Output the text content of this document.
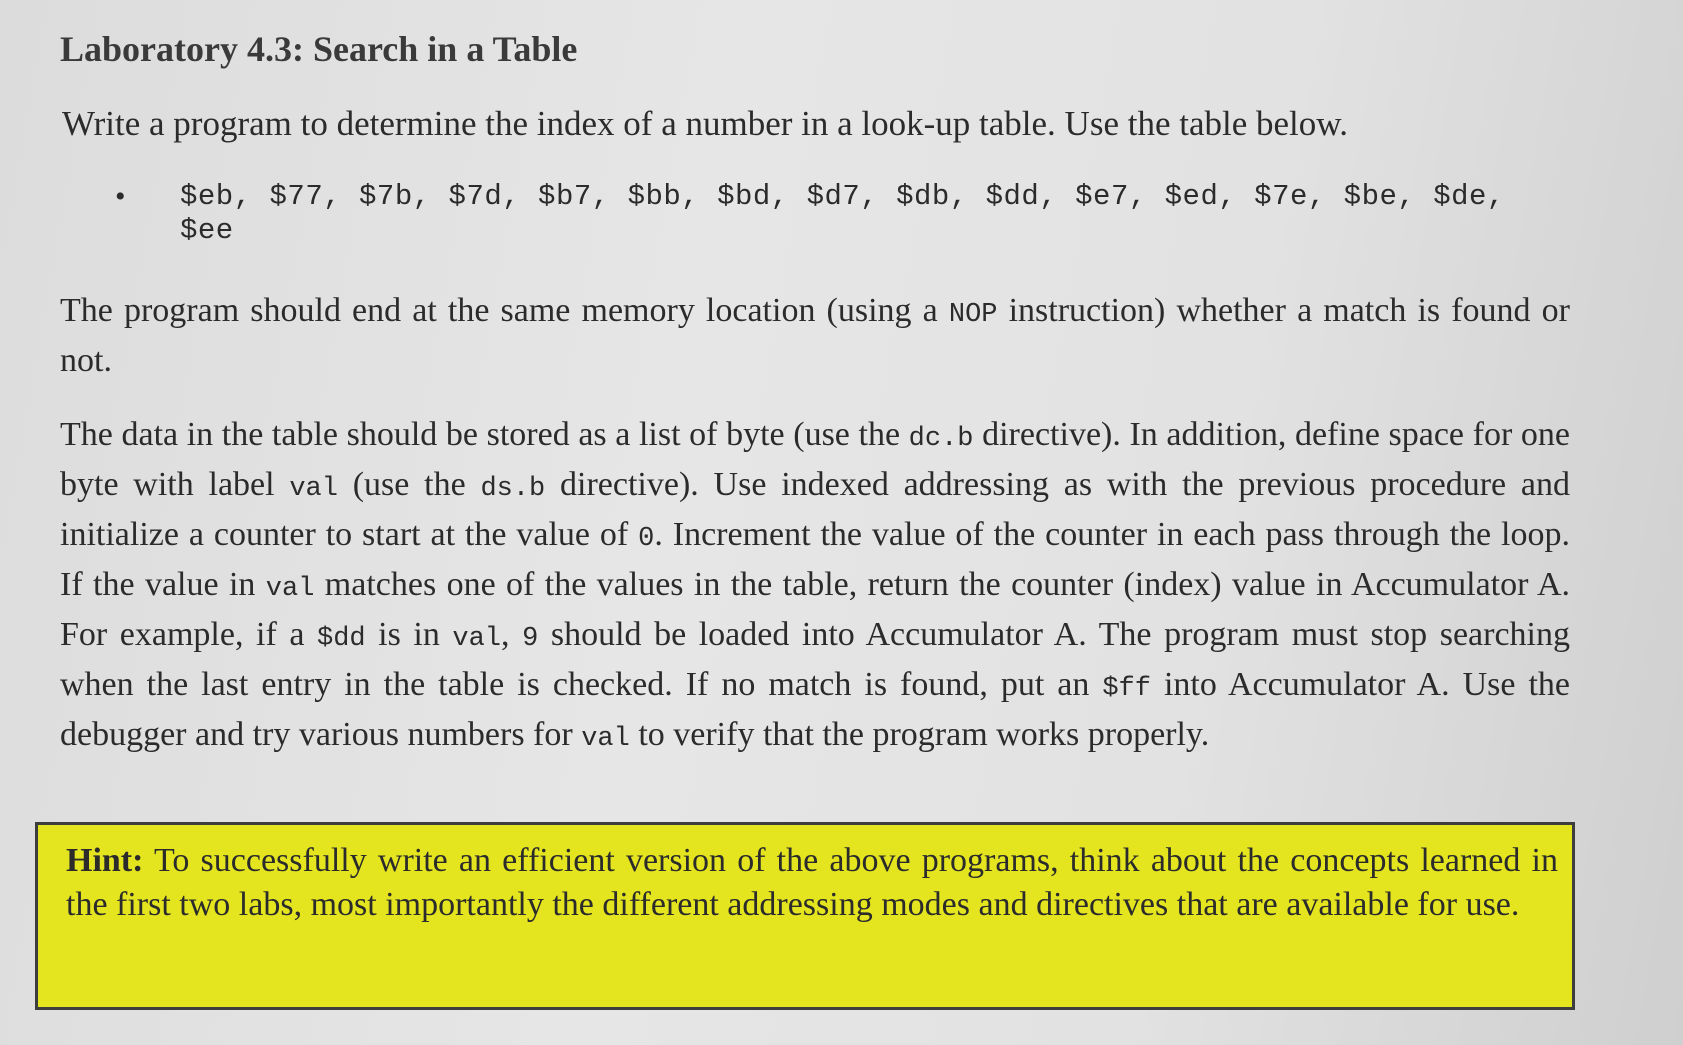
Laboratory 4.3: Search in a Table
Write a program to determine the index of a number in a look-up table. Use the table below.
• $eb, $77, $7b, $7d, $b7, $bb, $bd, $d7, $db, $dd, $e7, $ed, $7e, $be, $de, $ee
The program should end at the same memory location (using a NOP instruction) whether a match is found or not.
The data in the table should be stored as a list of byte (use the dc.b directive). In addition, define space for one byte with label val (use the ds.b directive). Use indexed addressing as with the previous procedure and initialize a counter to start at the value of 0. Increment the value of the counter in each pass through the loop. If the value in val matches one of the values in the table, return the counter (index) value in Accumulator A. For example, if a $dd is in val, 9 should be loaded into Accumulator A. The program must stop searching when the last entry in the table is checked. If no match is found, put an $ff into Accumulator A. Use the debugger and try various numbers for val to verify that the program works properly.
Hint: To successfully write an efficient version of the above programs, think about the concepts learned in the first two labs, most importantly the different addressing modes and directives that are available for use.
